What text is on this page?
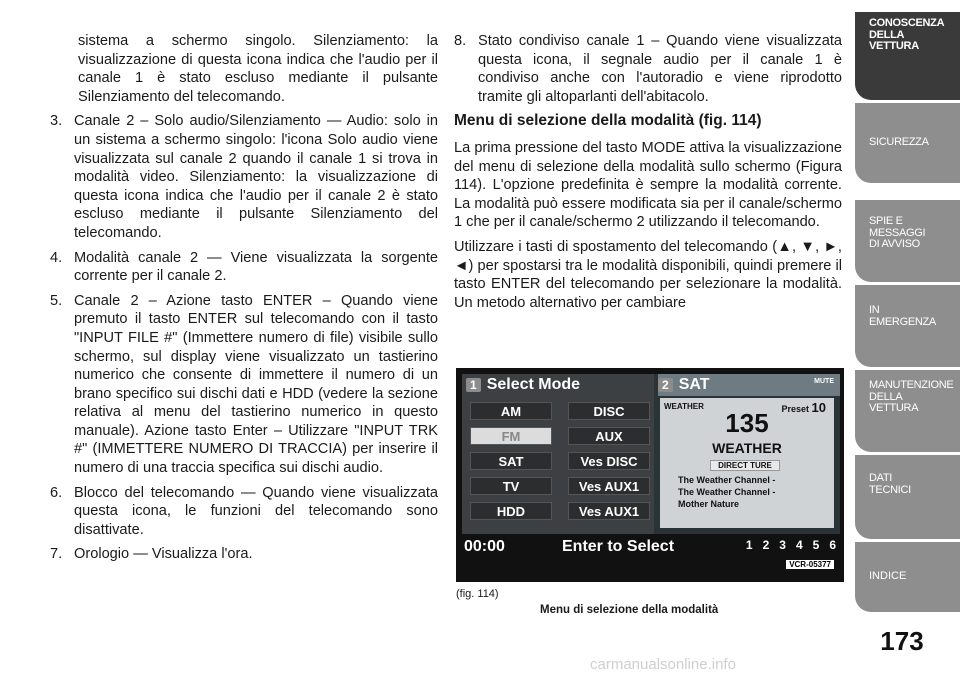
sistema a schermo singolo. Silenziamento: la visualizzazione di questa icona indica che l'audio per il canale 1 è stato escluso mediante il pulsante Silenziamento del telecomando.

3. Canale 2 – Solo audio/Silenziamento — Audio: solo in un sistema a schermo singolo: l'icona Solo audio viene visualizzata sul canale 2 quando il canale 1 si trova in modalità video. Silenziamento: la visualizzazione di questa icona indica che l'audio per il canale 2 è stato escluso mediante il pulsante Silenziamento del telecomando.
4. Modalità canale 2 — Viene visualizzata la sorgente corrente per il canale 2.
5. Canale 2 – Azione tasto ENTER – Quando viene premuto il tasto ENTER sul telecomando con il tasto "INPUT FILE #" (Immettere numero di file) visibile sullo schermo, sul display viene visualizzato un tastierino numerico che consente di immettere il numero di un brano specifico sui dischi dati e HDD (vedere la sezione relativa al menu del tastierino numerico in questo manuale). Azione tasto Enter – Utilizzare "INPUT TRK #" (IMMETTERE NUMERO DI TRACCIA) per inserire il numero di una traccia specifica sui dischi audio.
6. Blocco del telecomando — Quando viene visualizzata questa icona, le funzioni del telecomando sono disattivate.
7. Orologio — Visualizza l'ora.
8. Stato condiviso canale 1 – Quando viene visualizzata questa icona, il segnale audio per il canale 1 è condiviso anche con l'autoradio e viene riprodotto tramite gli altoparlanti dell'abitacolo.
Menu di selezione della modalità (fig. 114)

La prima pressione del tasto MODE attiva la visualizzazione del menu di selezione della modalità sullo schermo (Figura 114). L'opzione predefinita è sempre la modalità corrente. La modalità può essere modificata sia per il canale/schermo 1 che per il canale/schermo 2 utilizzando il telecomando.

Utilizzare i tasti di spostamento del telecomando (▲, ▼, ►, ◄) per spostarsi tra le modalità disponibili, quindi premere il tasto ENTER del telecomando per selezionare la modalità. Un metodo alternativo per cambiare

1 Select Mode
AM	DISC
FM	AUX
SAT	Ves DISC
TV	Ves AUX1
HDD	Ves AUX1
2 SAT
WEATHER	Preset 10
135
WEATHER
DIRECT TURE
The Weather Channel -
The Weather Channel -
Mother Nature
MUTE
00:00	Enter to Select	1 2 3 4 5 6
VCR-05377
(fig. 114)
Menu di selezione della modalità
CONOSCENZA DELLA VETTURA
SICUREZZA
SPIE E MESSAGGI DI AVVISO
IN EMERGENZA
MANUTENZIONE DELLA VETTURA
DATI TECNICI
INDICE
173
carmanualsonline.info
